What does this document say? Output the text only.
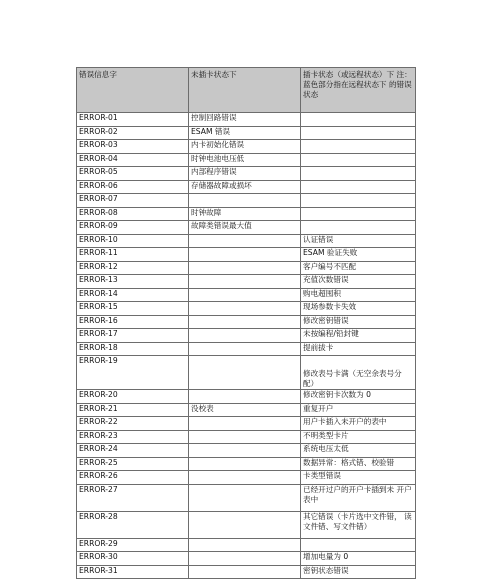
错误信息字	未插卡状态下	插卡状态（或远程状态）下 注：蓝色部分指在远程状态下 的错误状态
ERROR-01	控制回路错误	
ERROR-02	ESAM 错误	
ERROR-03	内卡初始化错误	
ERROR-04	时钟电池电压低	
ERROR-05	内部程序错误	
ERROR-06	存储器故障或损坏	
ERROR-07		
ERROR-08	时钟故障	
ERROR-09	故障类错误最大值	
ERROR-10		认证错误
ERROR-11		ESAM 验证失败
ERROR-12		客户编号不匹配
ERROR-13		充值次数错误
ERROR-14		购电超囤积
ERROR-15		现场参数卡失效
ERROR-16		修改密钥错误
ERROR-17		未按编程/铅封键
ERROR-18		提前拔卡
ERROR-19		修改表号卡满（无空余表号分 配）
ERROR-20		修改密钥卡次数为 0
ERROR-21	没校表	重复开户
ERROR-22		用户卡插入未开户的表中
ERROR-23		不明类型卡片
ERROR-24		系统电压太低
ERROR-25		数据异常：格式错、校验错
ERROR-26		卡类型错误
ERROR-27		已经开过户的开户卡插到未 开户表中
ERROR-28		其它错误（卡片选中文件错， 读文件错、写文件错）
ERROR-29		
ERROR-30		增加电量为 0
ERROR-31		密钥状态错误
